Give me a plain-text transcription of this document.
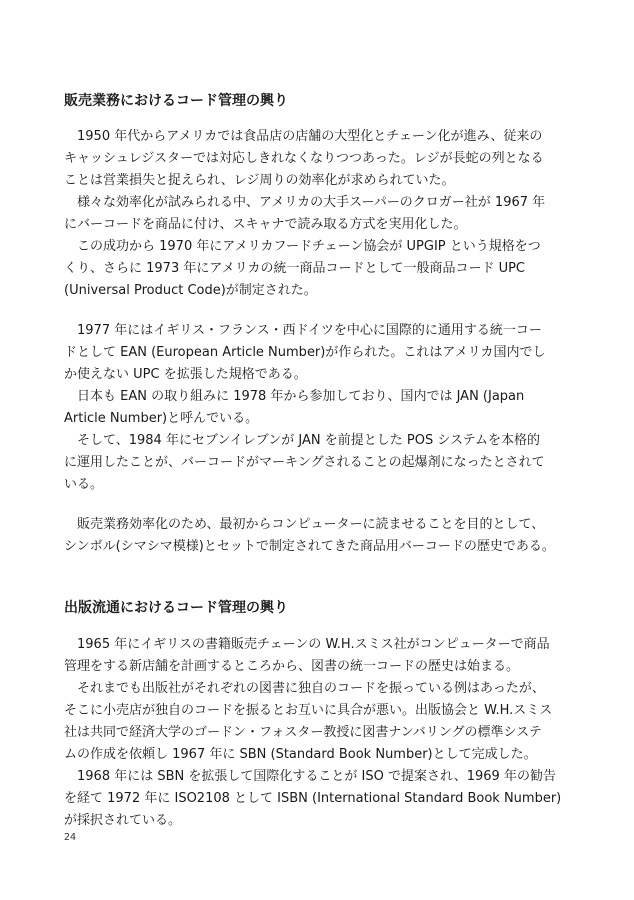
販売業務におけるコード管理の興り

　1950 年代からアメリカでは食品店の店舗の大型化とチェーン化が進み、従来の

キャッシュレジスターでは対応しきれなくなりつつあった。レジが長蛇の列となる

ことは営業損失と捉えられ、レジ周りの効率化が求められていた。

　様々な効率化が試みられる中、アメリカの大手スーパーのクロガー社が 1967 年

にバーコードを商品に付け、スキャナで読み取る方式を実用化した。

　この成功から 1970 年にアメリカフードチェーン協会が UPGIP という規格をつ

くり、さらに 1973 年にアメリカの統一商品コードとして一般商品コード UPC

(Universal Product Code)が制定された。

　1977 年にはイギリス・フランス・西ドイツを中心に国際的に通用する統一コー

ドとして EAN (European Article Number)が作られた。これはアメリカ国内でし

か使えない UPC を拡張した規格である。

　日本も EAN の取り組みに 1978 年から参加しており、国内では JAN (Japan

Article Number)と呼んでいる。

　そして、1984 年にセブンイレブンが JAN を前提とした POS システムを本格的

に運用したことが、バーコードがマーキングされることの起爆剤になったとされて

いる。

　販売業務効率化のため、最初からコンピューターに読ませることを目的として、

シンボル(シマシマ模様)とセットで制定されてきた商品用バーコードの歴史である。

出版流通におけるコード管理の興り

　1965 年にイギリスの書籍販売チェーンの W.H.スミス社がコンピューターで商品

管理をする新店舗を計画するところから、図書の統一コードの歴史は始まる。

　それまでも出版社がそれぞれの図書に独自のコードを振っている例はあったが、

そこに小売店が独自のコードを振るとお互いに具合が悪い。出版協会と W.H.スミス

社は共同で経済大学のゴードン・フォスター教授に図書ナンバリングの標準システ

ムの作成を依頼し 1967 年に SBN (Standard Book Number)として完成した。

　1968 年には SBN を拡張して国際化することが ISO で提案され、1969 年の勧告

を経て 1972 年に ISO2108 として ISBN (International Standard Book Number)

が採択されている。

24
